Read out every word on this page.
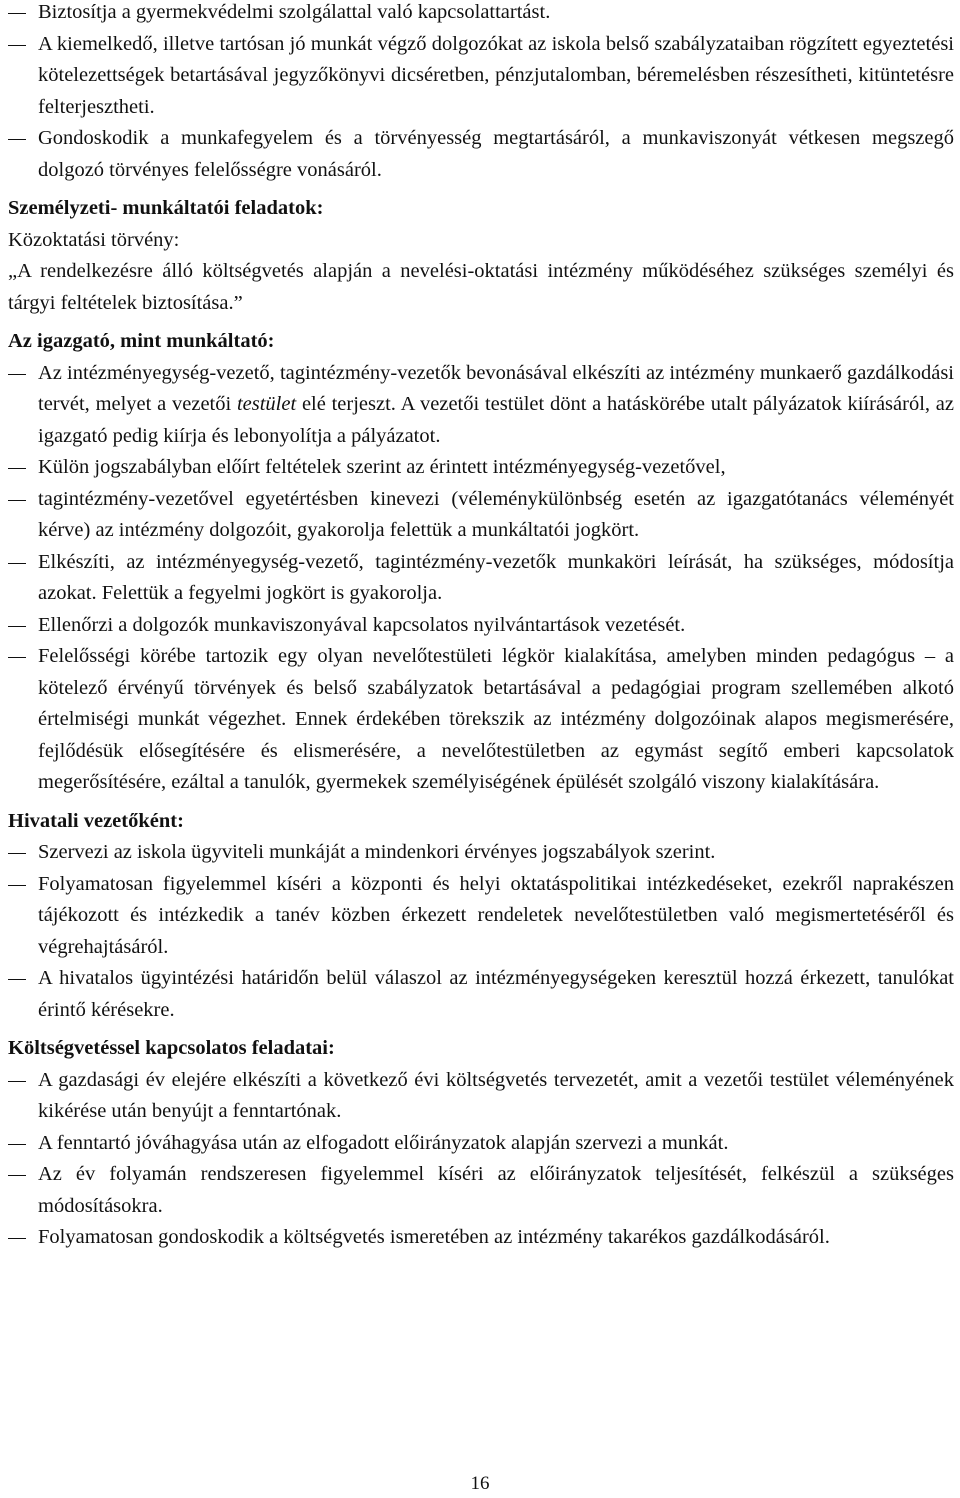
Biztosítja a gyermekvédelmi szolgálattal való kapcsolattartást.
A kiemelkedő, illetve tartósan jó munkát végző dolgozókat az iskola belső szabályzataiban rögzített egyeztetési kötelezettségek betartásával jegyzőkönyvi dicséretben, pénzjutalomban, béremelésben részesítheti, kitüntetésre felterjesztheti.
Gondoskodik a munkafegyelem és a törvényesség megtartásáról, a munkaviszonyát vétkesen megszegő dolgozó törvényes felelősségre vonásáról.
Személyzeti- munkáltatói feladatok:
Közoktatási törvény:
„A rendelkezésre álló költségvetés alapján a nevelési-oktatási intézmény működéséhez szükséges személyi és tárgyi feltételek biztosítása.”
Az igazgató, mint munkáltató:
Az intézményegység-vezető, tagintézmény-vezetők bevonásával elkészíti az intézmény munkaerő gazdálkodási tervét, melyet a vezetői testület elé terjeszt. A vezetői testület dönt a hatáskörébe utalt pályázatok kiírásáról, az igazgató pedig kiírja és lebonyolítja a pályázatot.
Külön jogszabályban előírt feltételek szerint az érintett intézményegység-vezetővel,
tagintézmény-vezetővel egyetértésben kinevezi (véleménykülönbség esetén az igazgatótanács véleményét kérve) az intézmény dolgozóit, gyakorolja felettük a munkáltatói jogkört.
Elkészíti, az intézményegység-vezető, tagintézmény-vezetők munkaköri leírását, ha szükséges, módosítja azokat. Felettük a fegyelmi jogkört is gyakorolja.
Ellenőrzi a dolgozók munkaviszonyával kapcsolatos nyilvántartások vezetését.
Felelősségi körébe tartozik egy olyan nevelőtestületi légkör kialakítása, amelyben minden pedagógus – a kötelező érvényű törvények és belső szabályzatok betartásával a pedagógiai program szellemében alkotó értelmiségi munkát végezhet. Ennek érdekében törekszik az intézmény dolgozóinak alapos megismerésére, fejlődésük elősegítésére és elismerésére, a nevelőtestületben az egymást segítő emberi kapcsolatok megerősítésére, ezáltal a tanulók, gyermekek személyiségének épülését szolgáló viszony kialakítására.
Hivatali vezetőként:
Szervezi az iskola ügyviteli munkáját a mindenkori érvényes jogszabályok szerint.
Folyamatosan figyelemmel kíséri a központi és helyi oktatáspolitikai intézkedéseket, ezekről naprakészen tájékozott és intézkedik a tanév közben érkezett rendeletek nevelőtestületben való megismertetéséről és végrehajtásáról.
A hivatalos ügyintézési határidőn belül válaszol az intézményegységeken keresztül hozzá érkezett, tanulókat érintő kérésekre.
Költségvetéssel kapcsolatos feladatai:
A gazdasági év elejére elkészíti a következő évi költségvetés tervezetét, amit a vezetői testület véleményének kikérése után benyújt a fenntartónak.
A fenntartó jóváhagyása után az elfogadott előirányzatok alapján szervezi a munkát.
Az év folyamán rendszeresen figyelemmel kíséri az előirányzatok teljesítését, felkészül a szükséges módosításokra.
Folyamatosan gondoskodik a költségvetés ismeretében az intézmény takarékos gazdálkodásáról.
16
